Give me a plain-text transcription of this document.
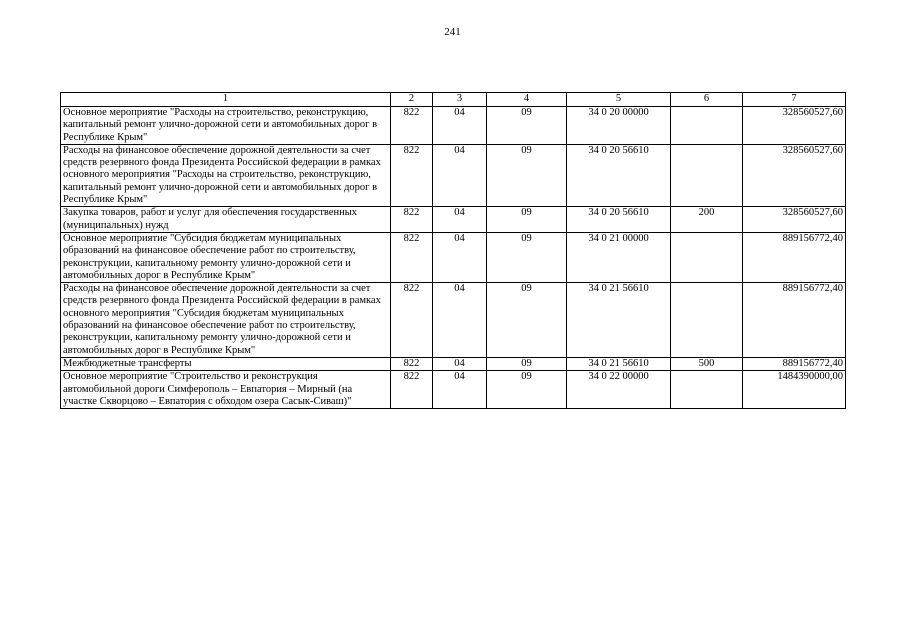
241
1	2	3	4	5	6	7
Основное мероприятие "Расходы на строительство, реконструкцию, капитальный ремонт улично-дорожной сети и автомобильных дорог в Республике Крым"	822	04	09	34 0 20 00000		328560527,60
Расходы на финансовое обеспечение дорожной деятельности за счет средств резервного фонда Президента Российской федерации в рамках основного мероприятия "Расходы на строительство, реконструкцию, капитальный ремонт улично-дорожной сети и автомобильных дорог в Республике Крым"	822	04	09	34 0 20 56610		328560527,60
Закупка товаров, работ и услуг для обеспечения государственных (муниципальных) нужд	822	04	09	34 0 20 56610	200	328560527,60
Основное мероприятие "Субсидия бюджетам муниципальных образований на финансовое обеспечение работ по строительству, реконструкции, капитальному ремонту улично-дорожной сети и автомобильных дорог в Республике Крым"	822	04	09	34 0 21 00000		889156772,40
Расходы на финансовое обеспечение дорожной деятельности за счет средств резервного фонда Президента Российской федерации в рамках основного мероприятия "Субсидия бюджетам муниципальных образований на финансовое обеспечение работ по строительству, реконструкции, капитальному ремонту улично-дорожной сети и автомобильных дорог в Республике Крым"	822	04	09	34 0 21 56610		889156772,40
Межбюджетные трансферты	822	04	09	34 0 21 56610	500	889156772,40
Основное мероприятие "Строительство и реконструкция автомобильной дороги Симферополь – Евпатория – Мирный (на участке Скворцово – Евпатория с обходом озера Сасык-Сиваш)"	822	04	09	34 0 22 00000		1484390000,00
